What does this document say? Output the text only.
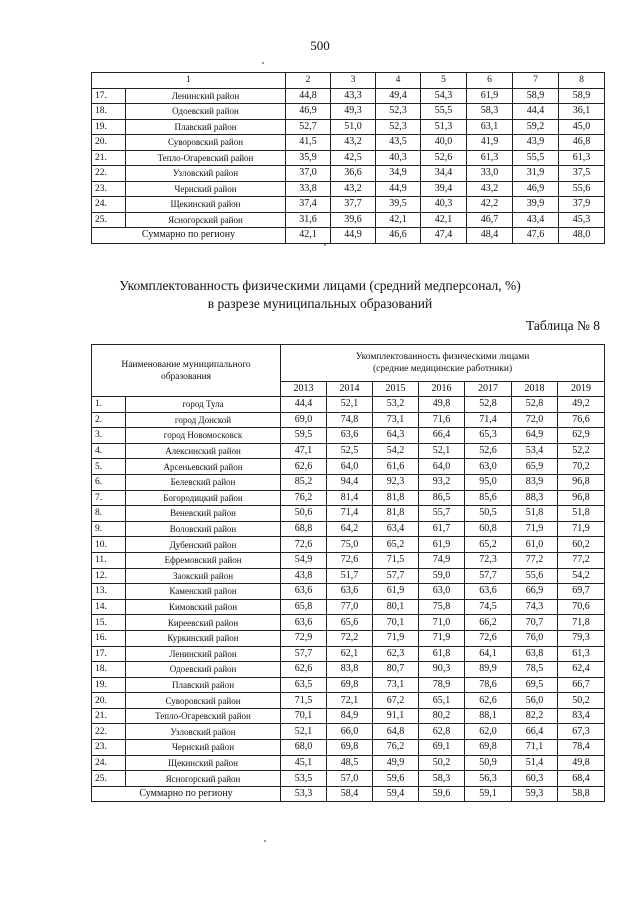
500
1		2	3	4	5	6	7	8
17.	Ленинский район	44,8	43,3	49,4	54,3	61,9	58,9	58,9
18.	Одоевский район	46,9	49,3	52,3	55,5	58,3	44,4	36,1
19.	Плавский район	52,7	51,0	52,3	51,3	63,1	59,2	45,0
20.	Суворовский район	41,5	43,2	43,5	40,0	41,9	43,9	46,8
21.	Тепло-Огаревский район	35,9	42,5	40,3	52,6	61,3	55,5	61,3
22.	Узловский район	37,0	36,6	34,9	34,4	33,0	31,9	37,5
23.	Чернский район	33,8	43,2	44,9	39,4	43,2	46,9	55,6
24.	Щекинский район	37,4	37,7	39,5	40,3	42,2	39,9	37,9
25.	Ясногорский район	31,6	39,6	42,1	42,1	46,7	43,4	45,3
Суммарно по региону		42,1	44,9	46,6	47,4	48,4	47,6	48,0
Укомплектованность физическими лицами (средний медперсонал, %)
в разрезе муниципальных образований
Таблица № 8
Наименование муниципального образования		Укомплектованность физическими лицами
(средние медицинские работники)						

		2013	2014	2015	2016	2017	2018	2019
1.	город Тула	44,4	52,1	53,2	49,8	52,8	52,8	49,2
2.	город Донской	69,0	74,8	73,1	71,6	71,4	72,0	76,6
3.	город Новомосковск	59,5	63,6	64,3	66,4	65,3	64,9	62,9
4.	Алексинский район	47,1	52,5	54,2	52,1	52,6	53,4	52,2
5.	Арсеньевский район	62,6	64,0	61,6	64,0	63,0	65,9	70,2
6.	Белевский район	85,2	94,4	92,3	93,2	95,0	83,9	96,8
7.	Богородицкий район	76,2	81,4	81,8	86,5	85,6	88,3	96,8
8.	Веневский район	50,6	71,4	81,8	55,7	50,5	51,8	51,8
9.	Воловский район	68,8	64,2	63,4	61,7	60,8	71,9	71,9
10.	Дубенский район	72,6	75,0	65,2	61,9	65,2	61,0	60,2
11.	Ефремовский район	54,9	72,6	71,5	74,9	72,3	77,2	77,2
12.	Заокский район	43,8	51,7	57,7	59,0	57,7	55,6	54,2
13.	Каменский район	63,6	63,6	61,9	63,0	63,6	66,9	69,7
14.	Кимовский район	65,8	77,0	80,1	75,8	74,5	74,3	70,6
15.	Киреевский район	63,6	65,6	70,1	71,0	66,2	70,7	71,8
16.	Куркинский район	72,9	72,2	71,9	71,9	72,6	76,0	79,3
17.	Ленинский район	57,7	62,1	62,3	61,8	64,1	63,8	61,3
18.	Одоевский район	62,6	83,8	80,7	90,3	89,9	78,5	62,4
19.	Плавский район	63,5	69,8	73,1	78,9	78,6	69,5	66,7
20.	Суворовский район	71,5	72,1	67,2	65,1	62,6	56,0	50,2
21.	Тепло-Огаревский район	70,1	84,9	91,1	80,2	88,1	82,2	83,4
22.	Узловский район	52,1	66,0	64,8	62,8	62,0	66,4	67,3
23.	Чернский район	68,0	69,8	76,2	69,1	69,8	71,1	78,4
24.	Щекинский район	45,1	48,5	49,9	50,2	50,9	51,4	49,8
25.	Ясногорский район	53,5	57,0	59,6	58,3	56,3	60,3	68,4
Суммарно по региону		53,3	58,4	59,4	59,6	59,1	59,3	58,8
